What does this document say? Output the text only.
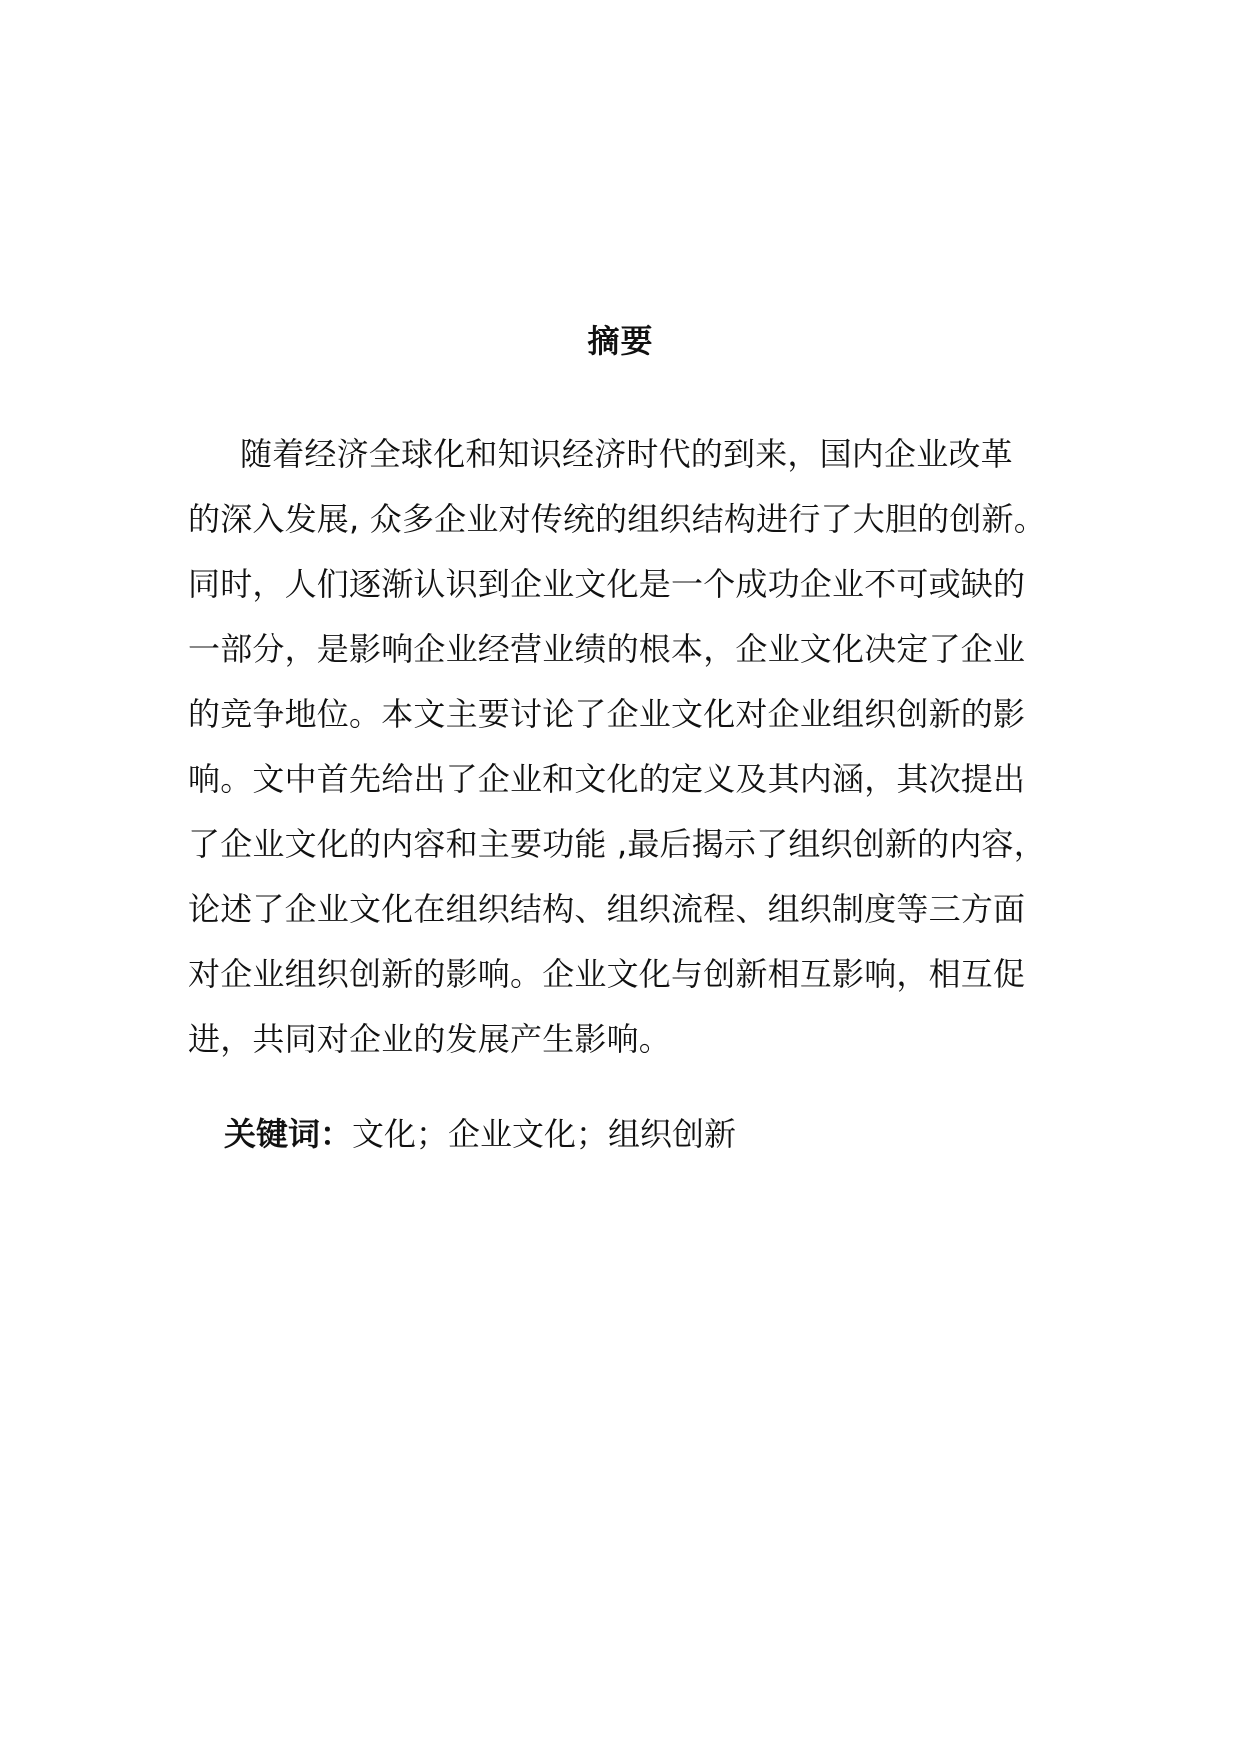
摘要
随着经济全球化和知识经济时代的到来，国内企业改革
的深入发展, 众多企业对传统的组织结构进行了大胆的创新。
同时，人们逐渐认识到企业文化是一个成功企业不可或缺的
一部分，是影响企业经营业绩的根本，企业文化决定了企业
的竞争地位。本文主要讨论了企业文化对企业组织创新的影
响。文中首先给出了企业和文化的定义及其内涵，其次提出
了企业文化的内容和主要功能 ,最后揭示了组织创新的内容，
论述了企业文化在组织结构、组织流程、组织制度等三方面
对企业组织创新的影响。企业文化与创新相互影响，相互促
进，共同对企业的发展产生影响。
关键词：文化；企业文化；组织创新
